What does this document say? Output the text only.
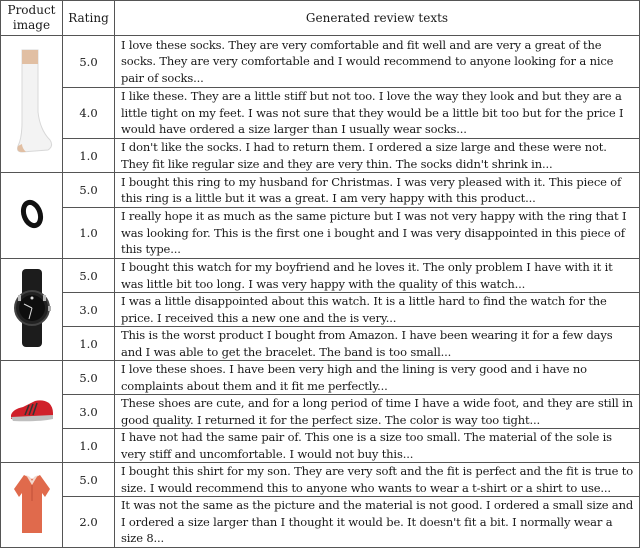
Product
image	Rating	Generated review texts
	5.0	I love these socks. They are very comfortable and fit well and are very a great of the socks. They are very comfortable and I would recommend to anyone looking for a nice pair of socks...
	4.0	I like these. They are a little stiff but not too. I love the way they look and but they are a little tight on my feet. I was not sure that they would be a little bit too but for the price I would have ordered a size larger than I usually wear socks...
	1.0	I don't like the socks. I had to return them. I ordered a size large and these were not. They fit like regular size and they are very thin. The socks didn't shrink in...
	5.0	I bought this ring to my husband for Christmas. I was very pleased with it. This piece of this ring is a little but it was a great. I am very happy with this product...
	1.0	I really hope it as much as the same picture but I was not very happy with the ring that I was looking for. This is the first one i bought and I was very disappointed in this piece of this type...
	5.0	I bought this watch for my boyfriend and he loves it. The only problem I have with it it was little bit too long. I was very happy with the quality of this watch...
	3.0	I was a little disappointed about this watch. It is a little hard to find the watch for the price. I received this a new one and the is very...
	1.0	This is the worst product I bought from Amazon. I have been wearing it for a few days and I was able to get the bracelet. The band is too small...
	5.0	I love these shoes. I have been very high and the lining is very good and i have no complaints about them and it fit me perfectly...
	3.0	These shoes are cute, and for a long period of time I have a wide foot, and they are still in good quality. I returned it for the perfect size. The color is way too tight...
	1.0	I have not had the same pair of. This one is a size too small. The material of the sole is very stiff and uncomfortable. I would not buy this...
	5.0	I bought this shirt for my son. They are very soft and the fit is perfect and the fit is true to size. I would recommend this to anyone who wants to wear a t-shirt or a shirt to use...
	2.0	It was not the same as the picture and the material is not good. I ordered a small size and I ordered a size larger than I thought it would be. It doesn't fit a bit. I normally wear a size 8...
